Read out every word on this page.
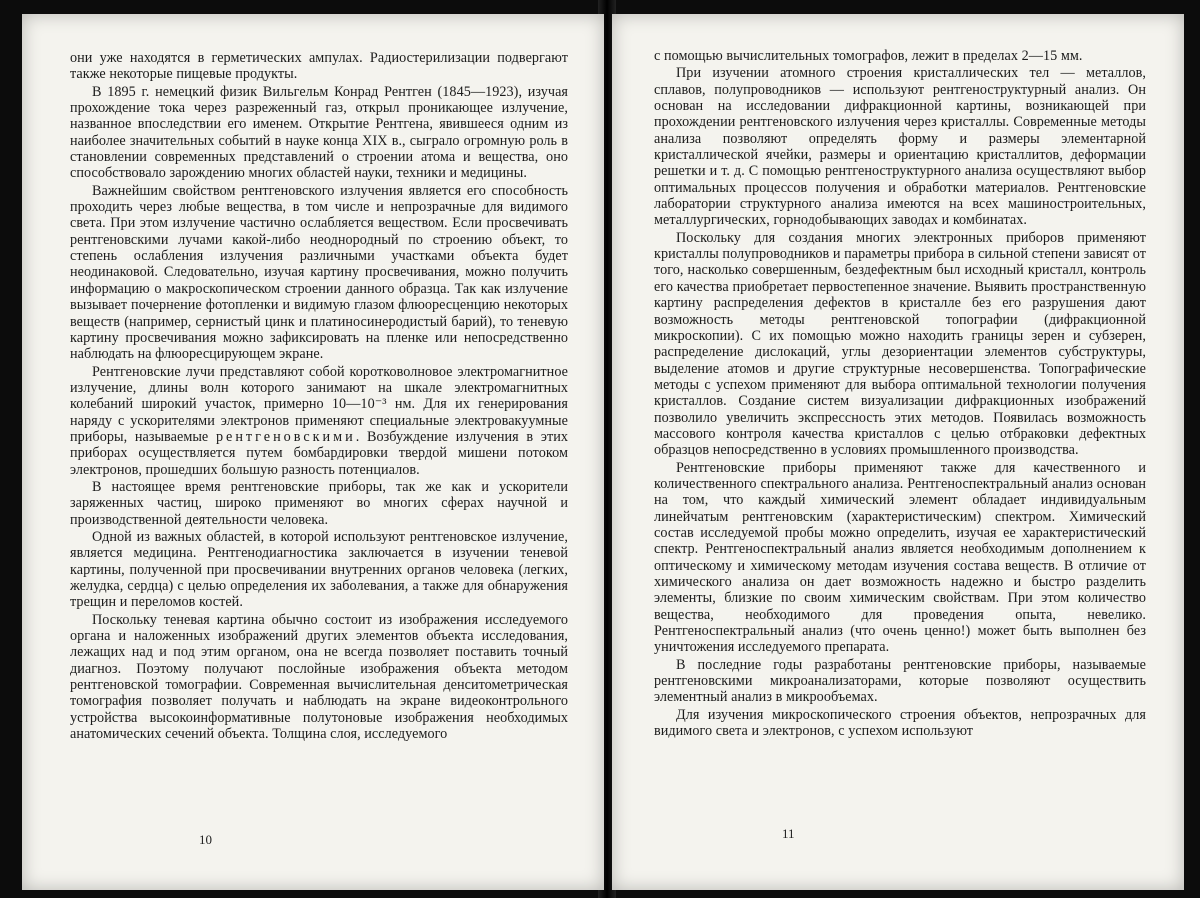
они уже находятся в герметических ампулах. Радиостерилизации подвергают также некоторые пищевые продукты.

В 1895 г. немецкий физик Вильгельм Конрад Рентген (1845—1923), изучая прохождение тока через разреженный газ, открыл проникающее излучение, названное впоследствии его именем. Открытие Рентгена, явившееся одним из наиболее значительных событий в науке конца XIX в., сыграло огромную роль в становлении современных представлений о строении атома и вещества, оно способствовало зарождению многих областей науки, техники и медицины.

Важнейшим свойством рентгеновского излучения является его способность проходить через любые вещества, в том числе и непрозрачные для видимого света. При этом излучение частично ослабляется веществом. Если просвечивать рентгеновскими лучами какой-либо неоднородный по строению объект, то степень ослабления излучения различными участками объекта будет неодинаковой. Следовательно, изучая картину просвечивания, можно получить информацию о макроскопическом строении данного образца. Так как излучение вызывает почернение фотопленки и видимую глазом флюоресценцию некоторых веществ (например, сернистый цинк и платиносинеродистый барий), то теневую картину просвечивания можно зафиксировать на пленке или непосредственно наблюдать на флюоресцирующем экране.

Рентгеновские лучи представляют собой коротковолновое электромагнитное излучение, длины волн которого занимают на шкале электромагнитных колебаний широкий участок, примерно 10—10⁻³ нм. Для их генерирования наряду с ускорителями электронов применяют специальные электровакуумные приборы, называемые рентгеновскими. Возбуждение излучения в этих приборах осуществляется путем бомбардировки твердой мишени потоком электронов, прошедших большую разность потенциалов.

В настоящее время рентгеновские приборы, так же как и ускорители заряженных частиц, широко применяют во многих сферах научной и производственной деятельности человека.

Одной из важных областей, в которой используют рентгеновское излучение, является медицина. Рентгенодиагностика заключается в изучении теневой картины, полученной при просвечивании внутренних органов человека (легких, желудка, сердца) с целью определения их заболевания, а также для обнаружения трещин и переломов костей.

Поскольку теневая картина обычно состоит из изображения исследуемого органа и наложенных изображений других элементов объекта исследования, лежащих над и под этим органом, она не всегда позволяет поставить точный диагноз. Поэтому получают послойные изображения объекта методом рентгеновской томографии. Современная вычислительная денситометрическая томография позволяет получать и наблюдать на экране видеоконтрольного устройства высокоинформативные полутоновые изображения необходимых анатомических сечений объекта. Толщина слоя, исследуемого

10

с помощью вычислительных томографов, лежит в пределах 2—15 мм.

При изучении атомного строения кристаллических тел — металлов, сплавов, полупроводников — используют рентгеноструктурный анализ. Он основан на исследовании дифракционной картины, возникающей при прохождении рентгеновского излучения через кристаллы. Современные методы анализа позволяют определять форму и размеры элементарной кристаллической ячейки, размеры и ориентацию кристаллитов, деформации решетки и т. д. С помощью рентгеноструктурного анализа осуществляют выбор оптимальных процессов получения и обработки материалов. Рентгеновские лаборатории структурного анализа имеются на всех машиностроительных, металлургических, горнодобывающих заводах и комбинатах.

Поскольку для создания многих электронных приборов применяют кристаллы полупроводников и параметры прибора в сильной степени зависят от того, насколько совершенным, бездефектным был исходный кристалл, контроль его качества приобретает первостепенное значение. Выявить пространственную картину распределения дефектов в кристалле без его разрушения дают возможность методы рентгеновской топографии (дифракционной микроскопии). С их помощью можно находить границы зерен и субзерен, распределение дислокаций, углы дезориентации элементов субструктуры, выделение атомов и другие структурные несовершенства. Топографические методы с успехом применяют для выбора оптимальной технологии получения кристаллов. Создание систем визуализации дифракционных изображений позволило увеличить экспрессность этих методов. Появилась возможность массового контроля качества кристаллов с целью отбраковки дефектных образцов непосредственно в условиях промышленного производства.

Рентгеновские приборы применяют также для качественного и количественного спектрального анализа. Рентгеноспектральный анализ основан на том, что каждый химический элемент обладает индивидуальным линейчатым рентгеновским (характеристическим) спектром. Химический состав исследуемой пробы можно определить, изучая ее характеристический спектр. Рентгеноспектральный анализ является необходимым дополнением к оптическому и химическому методам изучения состава веществ. В отличие от химического анализа он дает возможность надежно и быстро разделить элементы, близкие по своим химическим свойствам. При этом количество вещества, необходимого для проведения опыта, невелико. Рентгеноспектральный анализ (что очень ценно!) может быть выполнен без уничтожения исследуемого препарата.

В последние годы разработаны рентгеновские приборы, называемые рентгеновскими микроанализаторами, которые позволяют осуществить элементный анализ в микрообъемах.

Для изучения микроскопического строения объектов, непрозрачных для видимого света и электронов, с успехом используют

11
